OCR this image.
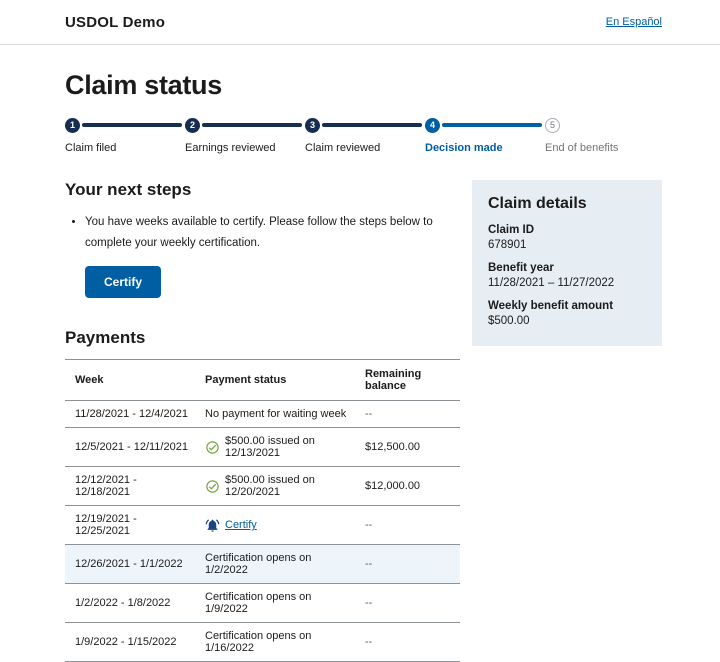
USDOL Demo	En Español
Claim status
1
Claim filed
2
Earnings reviewed
3
Claim reviewed
4
Decision made
5
End of benefits
Your next steps
• You have weeks available to certify. Please follow the steps below to complete your weekly certification.
Certify
Payments
Week	Payment status	Remaining balance
11/28/2021 - 12/4/2021	No payment for waiting week	--
12/5/2021 - 12/11/2021	$500.00 issued on 12/13/2021	$12,500.00
12/12/2021 - 12/18/2021	$500.00 issued on 12/20/2021	$12,000.00
12/19/2021 - 12/25/2021	Certify	--
12/26/2021 - 1/1/2022	Certification opens on 1/2/2022	--
1/2/2022 - 1/8/2022	Certification opens on 1/9/2022	--
1/9/2022 - 1/15/2022	Certification opens on 1/16/2022	--
Claim details
Claim ID
678901
Benefit year
11/28/2021 – 11/27/2022
Weekly benefit amount
$500.00
